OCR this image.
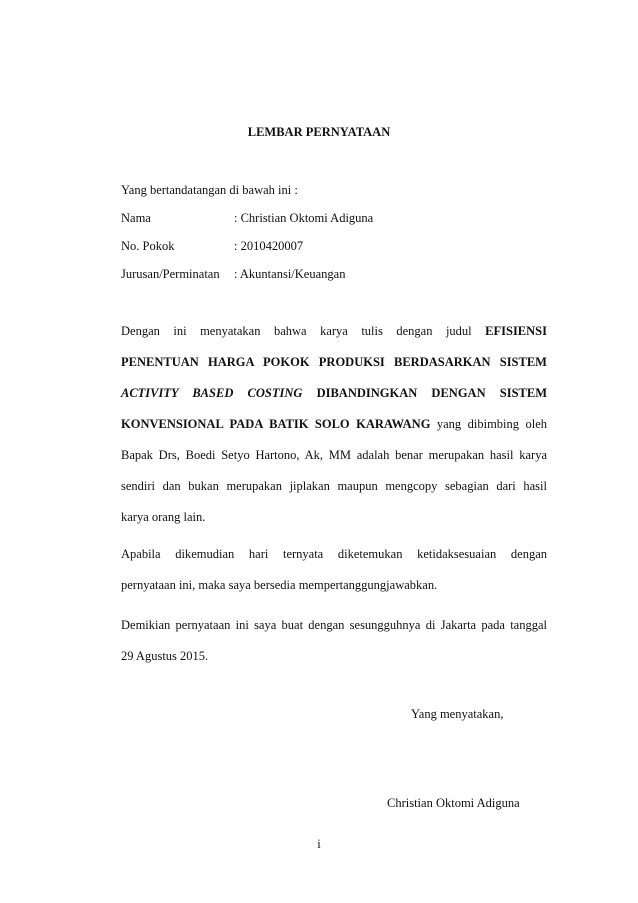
LEMBAR PERNYATAAN
Yang bertandatangan di bawah ini :
Nama	: Christian Oktomi Adiguna
No. Pokok	: 2010420007
Jurusan/Perminatan : Akuntansi/Keuangan
Dengan ini menyatakan bahwa karya tulis dengan judul EFISIENSI
PENENTUAN HARGA POKOK PRODUKSI BERDASARKAN SISTEM
ACTIVITY BASED COSTING DIBANDINGKAN DENGAN SISTEM
KONVENSIONAL PADA BATIK SOLO KARAWANG yang dibimbing oleh
Bapak Drs, Boedi Setyo Hartono, Ak, MM adalah benar merupakan hasil karya
sendiri dan bukan merupakan jiplakan maupun mengcopy sebagian dari hasil
karya orang lain.
Apabila dikemudian hari ternyata diketemukan ketidaksesuaian dengan
pernyataan ini, maka saya bersedia mempertanggungjawabkan.
Demikian pernyataan ini saya buat dengan sesungguhnya di Jakarta pada tanggal
29 Agustus 2015.
Yang menyatakan,
Christian Oktomi Adiguna
i
